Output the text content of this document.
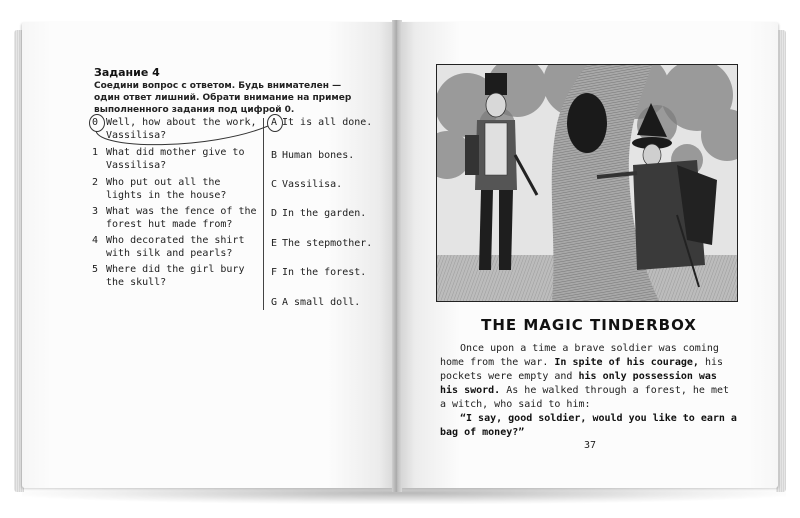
Задание 4
Соедини вопрос с ответом. Будь внимателен — один ответ лишний. Обрати внимание на пример выполненного задания под цифрой 0.
0 Well, how about the work, Vassilisa?
1 What did mother give to Vassilisa?
2 Who put out all the lights in the house?
3 What was the fence of the forest hut made from?
4 Who decorated the shirt with silk and pearls?
5 Where did the girl bury the skull?
A It is all done.
B Human bones.
C Vassilisa.
D In the garden.
E The stepmother.
F In the forest.
G A small doll.
THE MAGIC TINDERBOX

Once upon a time a brave soldier was coming home from the war. In spite of his courage, his pockets were empty and his only possession was his sword. As he walked through a forest, he met a witch, who said to him:

“I say, good soldier, would you like to earn a bag of money?”

37
